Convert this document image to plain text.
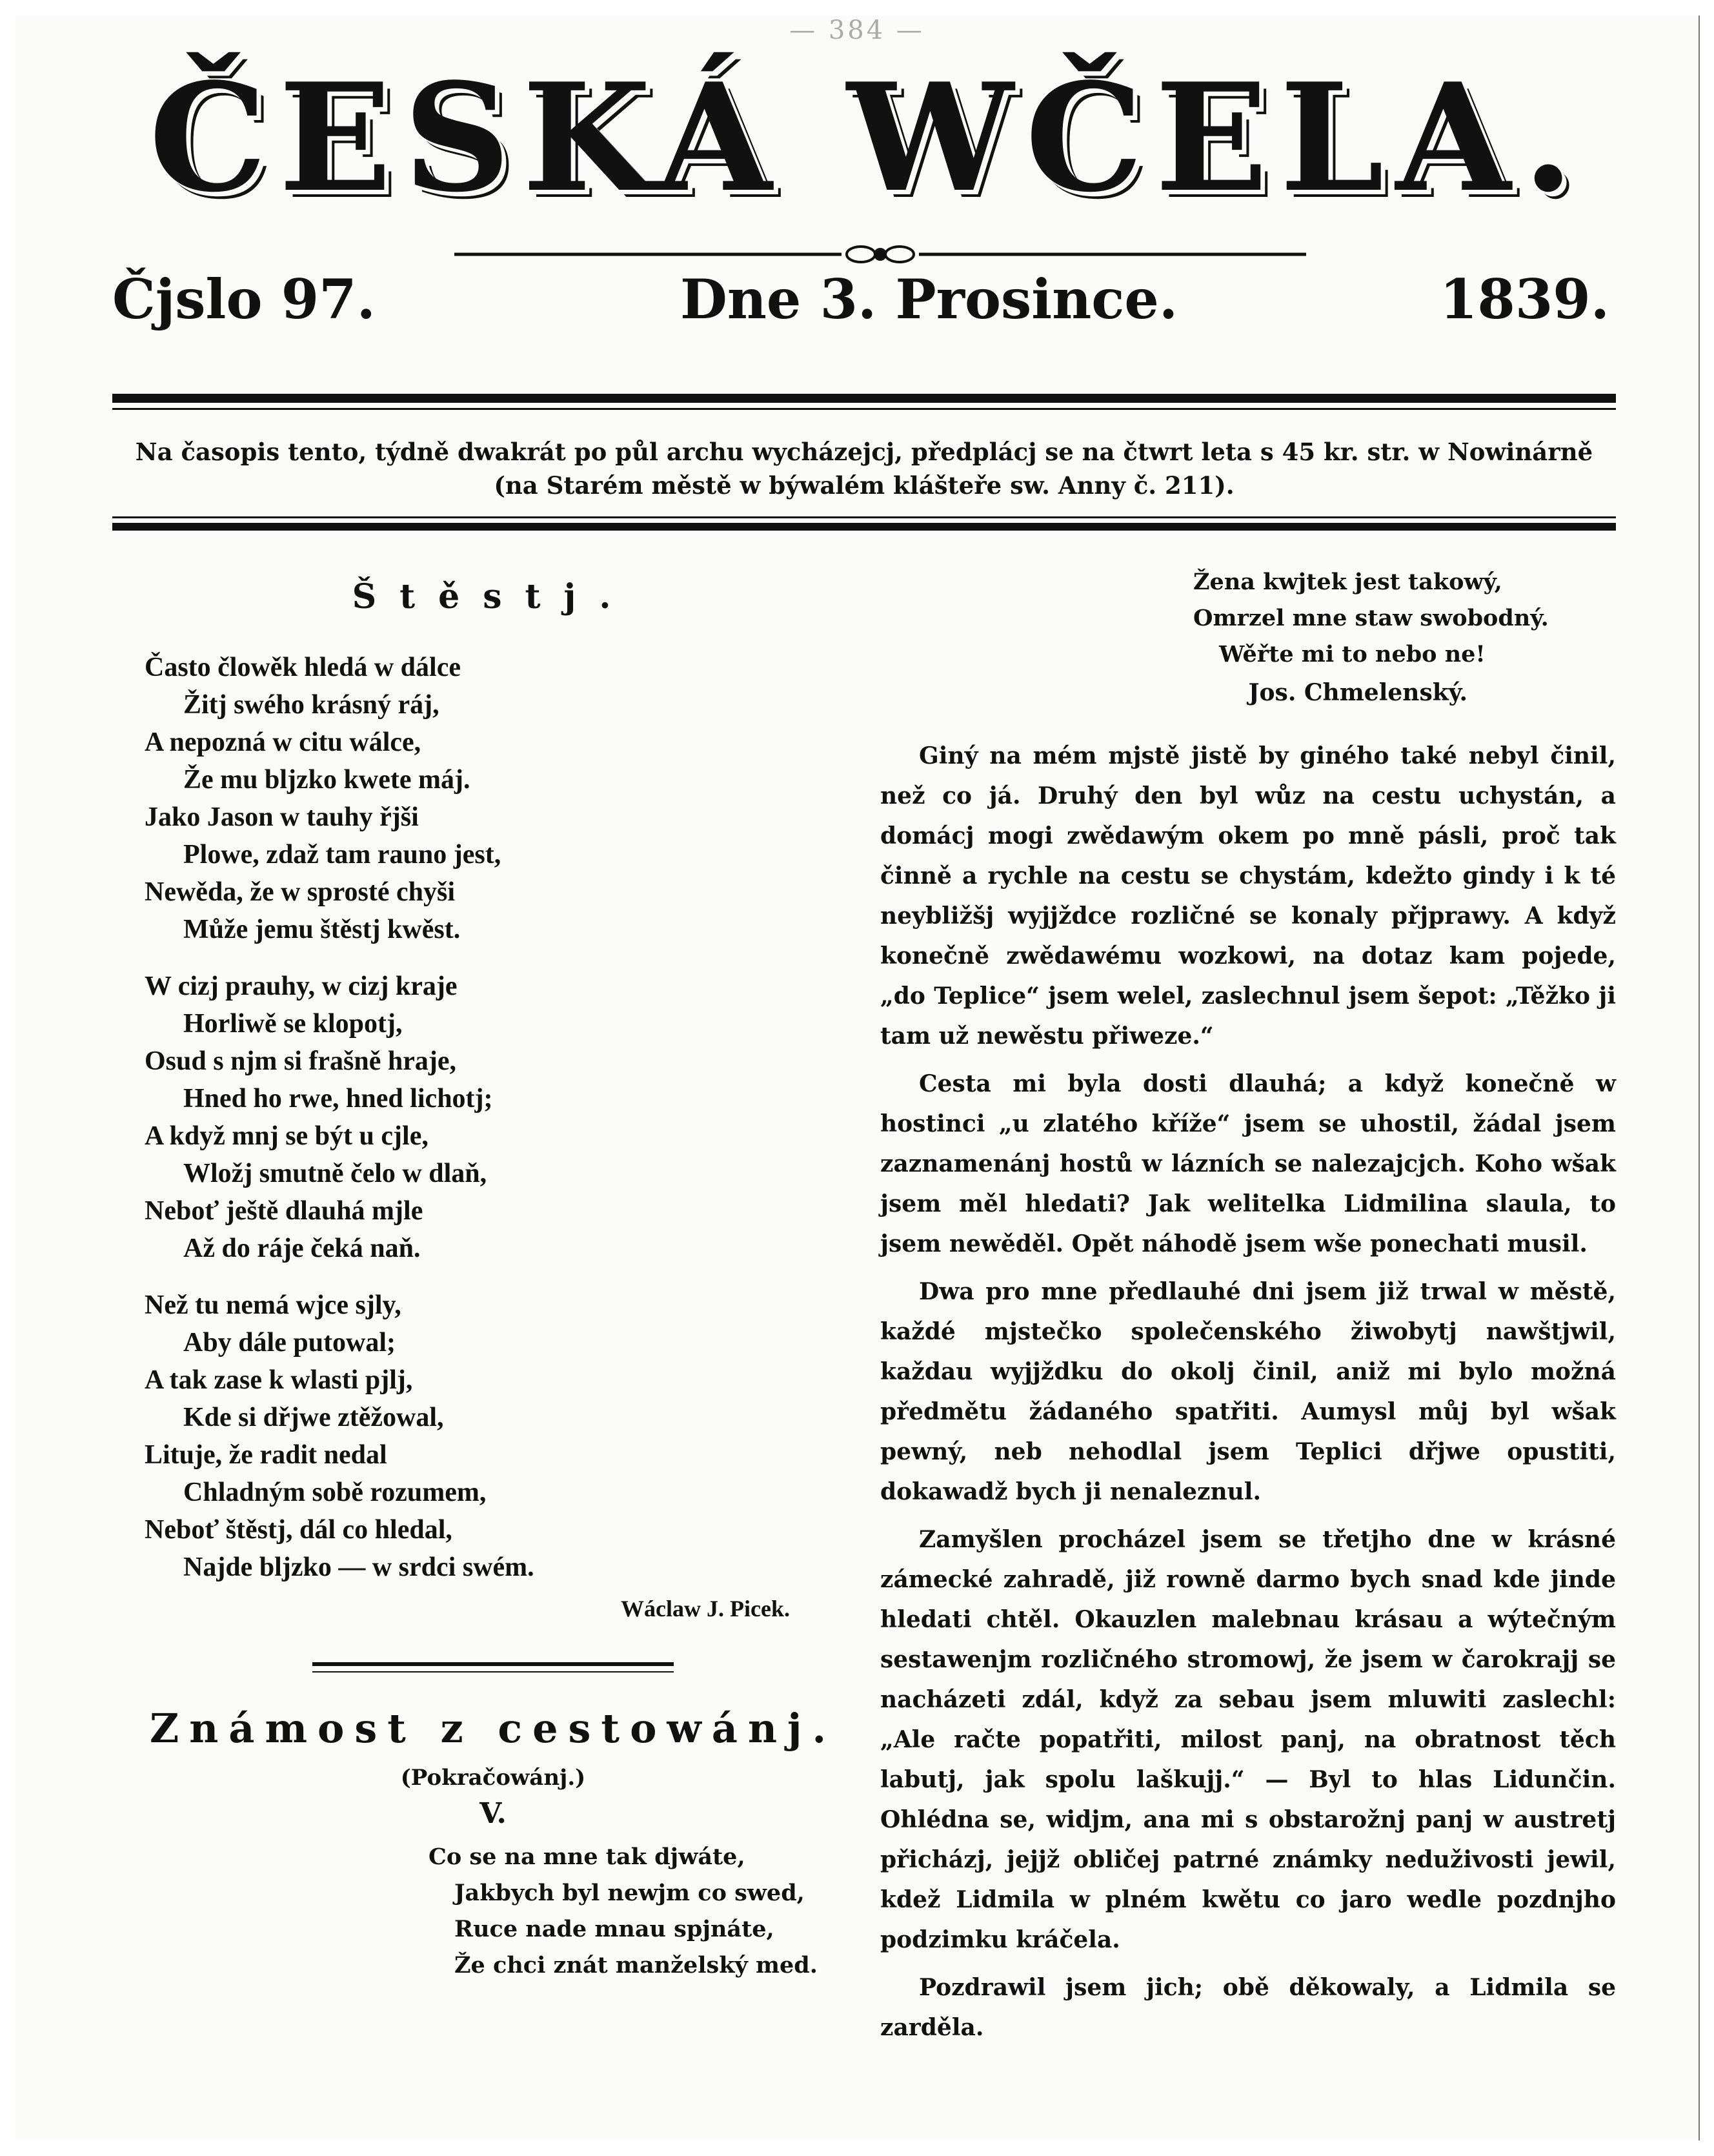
— 384 —
ČESKÁ WČELA.
Čjslo 97.	Dne 3. Prosince.	1839.
Na časopis tento, týdně dwakrát po půl archu wycházejcj, předplácj se na čtwrt leta s 45 kr. str. w Nowinárně
(na Starém městě w býwalém klášteře sw. Anny č. 211).
Štěstj.
Často člowěk hledá w dálce
Žitj swého krásný ráj,
A nepozná w citu wálce,
Že mu bljzko kwete máj.
Jako Jason w tauhy řjši
Plowe, zdaž tam rauno jest,
Newěda, že w sprosté chyši
Může jemu štěstj kwěst.
W cizj prauhy, w cizj kraje
Horliwě se klopotj,
Osud s njm si frašně hraje,
Hned ho rwe, hned lichotj;
A když mnj se být u cjle,
Wložj smutně čelo w dlaň,
Neboť ještě dlauhá mjle
Až do ráje čeká naň.
Než tu nemá wjce sjly,
Aby dále putowal;
A tak zase k wlasti pjlj,
Kde si dřjwe ztěžowal,
Lituje, že radit nedal
Chladným sobě rozumem,
Neboť štěstj, dál co hledal,
Najde bljzko — w srdci swém.
Wáclaw J. Picek.
Známost z cestowánj.
(Pokračowánj.)
V.
Co se na mne tak djwáte,
Jakbych byl newjm co swed,
Ruce nade mnau spjnáte,
Že chci znát manželský med.
Žena kwjtek jest takowý,
Omrzel mne staw swobodný.
Wěřte mi to nebo ne!
Jos. Chmelenský.
Giný na mém mjstě jistě by giného také nebyl činil, než co já. Druhý den byl wůz na cestu uchystán, a domácj mogi zwědawým okem po mně pásli, proč tak činně a rychle na cestu se chystám, kdežto gindy i k té neybližšj wyjjždce rozličné se konaly přjprawy. A když konečně zwědawému wozkowi, na dotaz kam pojede, „do Teplice“ jsem welel, zaslechnul jsem šepot: „Těžko ji tam už newěstu přiweze.“
Cesta mi byla dosti dlauhá; a když konečně w hostinci „u zlatého kříže“ jsem se uhostil, žádal jsem zaznamenánj hostů w lázních se nalezajcjch. Koho wšak jsem měl hledati? Jak welitelka Lidmilina slaula, to jsem newěděl. Opět náhodě jsem wše ponechati musil.
Dwa pro mne předlauhé dni jsem již trwal w městě, každé mjstečko společenského žiwobytj nawštjwil, každau wyjjždku do okolj činil, aniž mi bylo možná předmětu žádaného spatřiti. Aumysl můj byl wšak pewný, neb nehodlal jsem Teplici dřjwe opustiti, dokawadž bych ji nenaleznul.
Zamyšlen procházel jsem se třetjho dne w krásné zámecké zahradě, již rowně darmo bych snad kde jinde hledati chtěl. Okauzlen malebnau krásau a wýtečným sestawenjm rozličného stromowj, že jsem w čarokrajj se nacházeti zdál, když za sebau jsem mluwiti zaslechl: „Ale račte popatřiti, milost panj, na obratnost těch labutj, jak spolu laškujj.“ — Byl to hlas Lidunčin. Ohlédna se, widjm, ana mi s obstarožnj panj w austretj přicházj, jejjž obličej patrné známky neduživosti jewil, kdež Lidmila w plném kwětu co jaro wedle pozdnjho podzimku kráčela.
Pozdrawil jsem jich; obě děkowaly, a Lidmila se zarděla.
